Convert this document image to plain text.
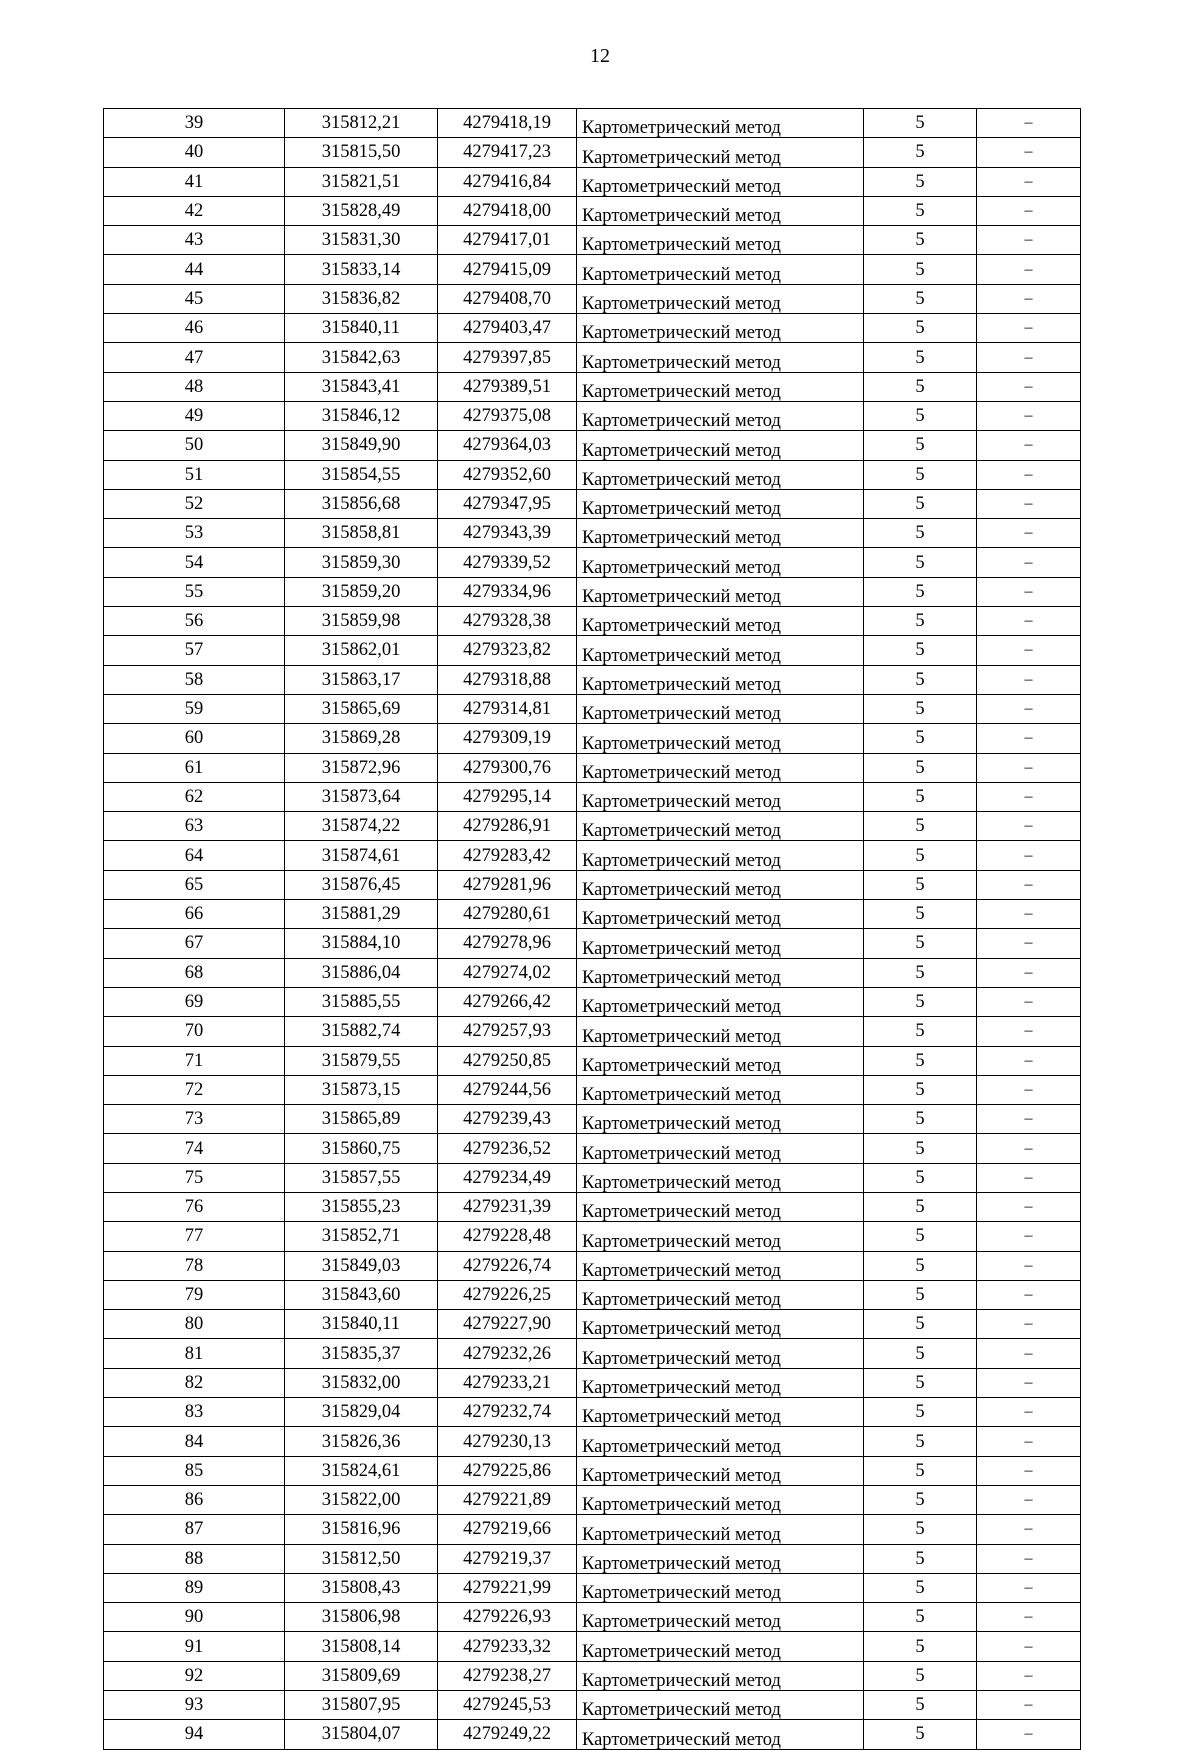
12
39	315812,21	4279418,19	Картометрический метод	5	–
40	315815,50	4279417,23	Картометрический метод	5	–
41	315821,51	4279416,84	Картометрический метод	5	–
42	315828,49	4279418,00	Картометрический метод	5	–
43	315831,30	4279417,01	Картометрический метод	5	–
44	315833,14	4279415,09	Картометрический метод	5	–
45	315836,82	4279408,70	Картометрический метод	5	–
46	315840,11	4279403,47	Картометрический метод	5	–
47	315842,63	4279397,85	Картометрический метод	5	–
48	315843,41	4279389,51	Картометрический метод	5	–
49	315846,12	4279375,08	Картометрический метод	5	–
50	315849,90	4279364,03	Картометрический метод	5	–
51	315854,55	4279352,60	Картометрический метод	5	–
52	315856,68	4279347,95	Картометрический метод	5	–
53	315858,81	4279343,39	Картометрический метод	5	–
54	315859,30	4279339,52	Картометрический метод	5	–
55	315859,20	4279334,96	Картометрический метод	5	–
56	315859,98	4279328,38	Картометрический метод	5	–
57	315862,01	4279323,82	Картометрический метод	5	–
58	315863,17	4279318,88	Картометрический метод	5	–
59	315865,69	4279314,81	Картометрический метод	5	–
60	315869,28	4279309,19	Картометрический метод	5	–
61	315872,96	4279300,76	Картометрический метод	5	–
62	315873,64	4279295,14	Картометрический метод	5	–
63	315874,22	4279286,91	Картометрический метод	5	–
64	315874,61	4279283,42	Картометрический метод	5	–
65	315876,45	4279281,96	Картометрический метод	5	–
66	315881,29	4279280,61	Картометрический метод	5	–
67	315884,10	4279278,96	Картометрический метод	5	–
68	315886,04	4279274,02	Картометрический метод	5	–
69	315885,55	4279266,42	Картометрический метод	5	–
70	315882,74	4279257,93	Картометрический метод	5	–
71	315879,55	4279250,85	Картометрический метод	5	–
72	315873,15	4279244,56	Картометрический метод	5	–
73	315865,89	4279239,43	Картометрический метод	5	–
74	315860,75	4279236,52	Картометрический метод	5	–
75	315857,55	4279234,49	Картометрический метод	5	–
76	315855,23	4279231,39	Картометрический метод	5	–
77	315852,71	4279228,48	Картометрический метод	5	–
78	315849,03	4279226,74	Картометрический метод	5	–
79	315843,60	4279226,25	Картометрический метод	5	–
80	315840,11	4279227,90	Картометрический метод	5	–
81	315835,37	4279232,26	Картометрический метод	5	–
82	315832,00	4279233,21	Картометрический метод	5	–
83	315829,04	4279232,74	Картометрический метод	5	–
84	315826,36	4279230,13	Картометрический метод	5	–
85	315824,61	4279225,86	Картометрический метод	5	–
86	315822,00	4279221,89	Картометрический метод	5	–
87	315816,96	4279219,66	Картометрический метод	5	–
88	315812,50	4279219,37	Картометрический метод	5	–
89	315808,43	4279221,99	Картометрический метод	5	–
90	315806,98	4279226,93	Картометрический метод	5	–
91	315808,14	4279233,32	Картометрический метод	5	–
92	315809,69	4279238,27	Картометрический метод	5	–
93	315807,95	4279245,53	Картометрический метод	5	–
94	315804,07	4279249,22	Картометрический метод	5	–
